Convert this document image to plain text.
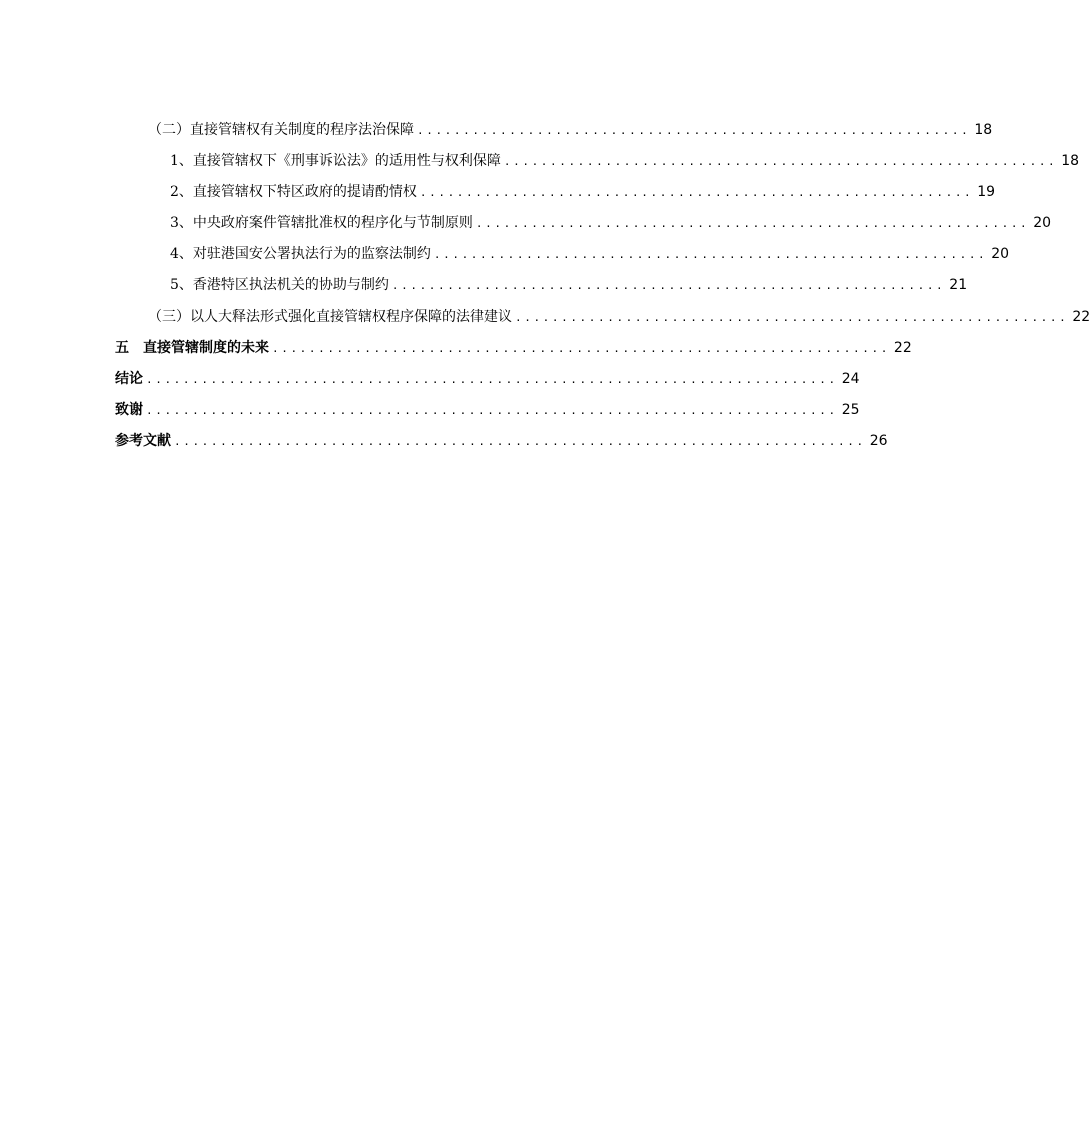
（二）直接管辖权有关制度的程序法治保障 ............................................................ 18
1、直接管辖权下《刑事诉讼法》的适用性与权利保障 ............................................................ 18
2、直接管辖权下特区政府的提请酌情权 ............................................................ 19
3、中央政府案件管辖批准权的程序化与节制原则 ............................................................ 20
4、对驻港国安公署执法行为的监察法制约 ............................................................ 20
5、香港特区执法机关的协助与制约 ............................................................ 21
（三）以人大释法形式强化直接管辖权程序保障的法律建议 ............................................................ 22
五　直接管辖制度的未来 ................................................................... 22
结论 ........................................................................... 24
致谢 ........................................................................... 25
参考文献 ........................................................................... 26
